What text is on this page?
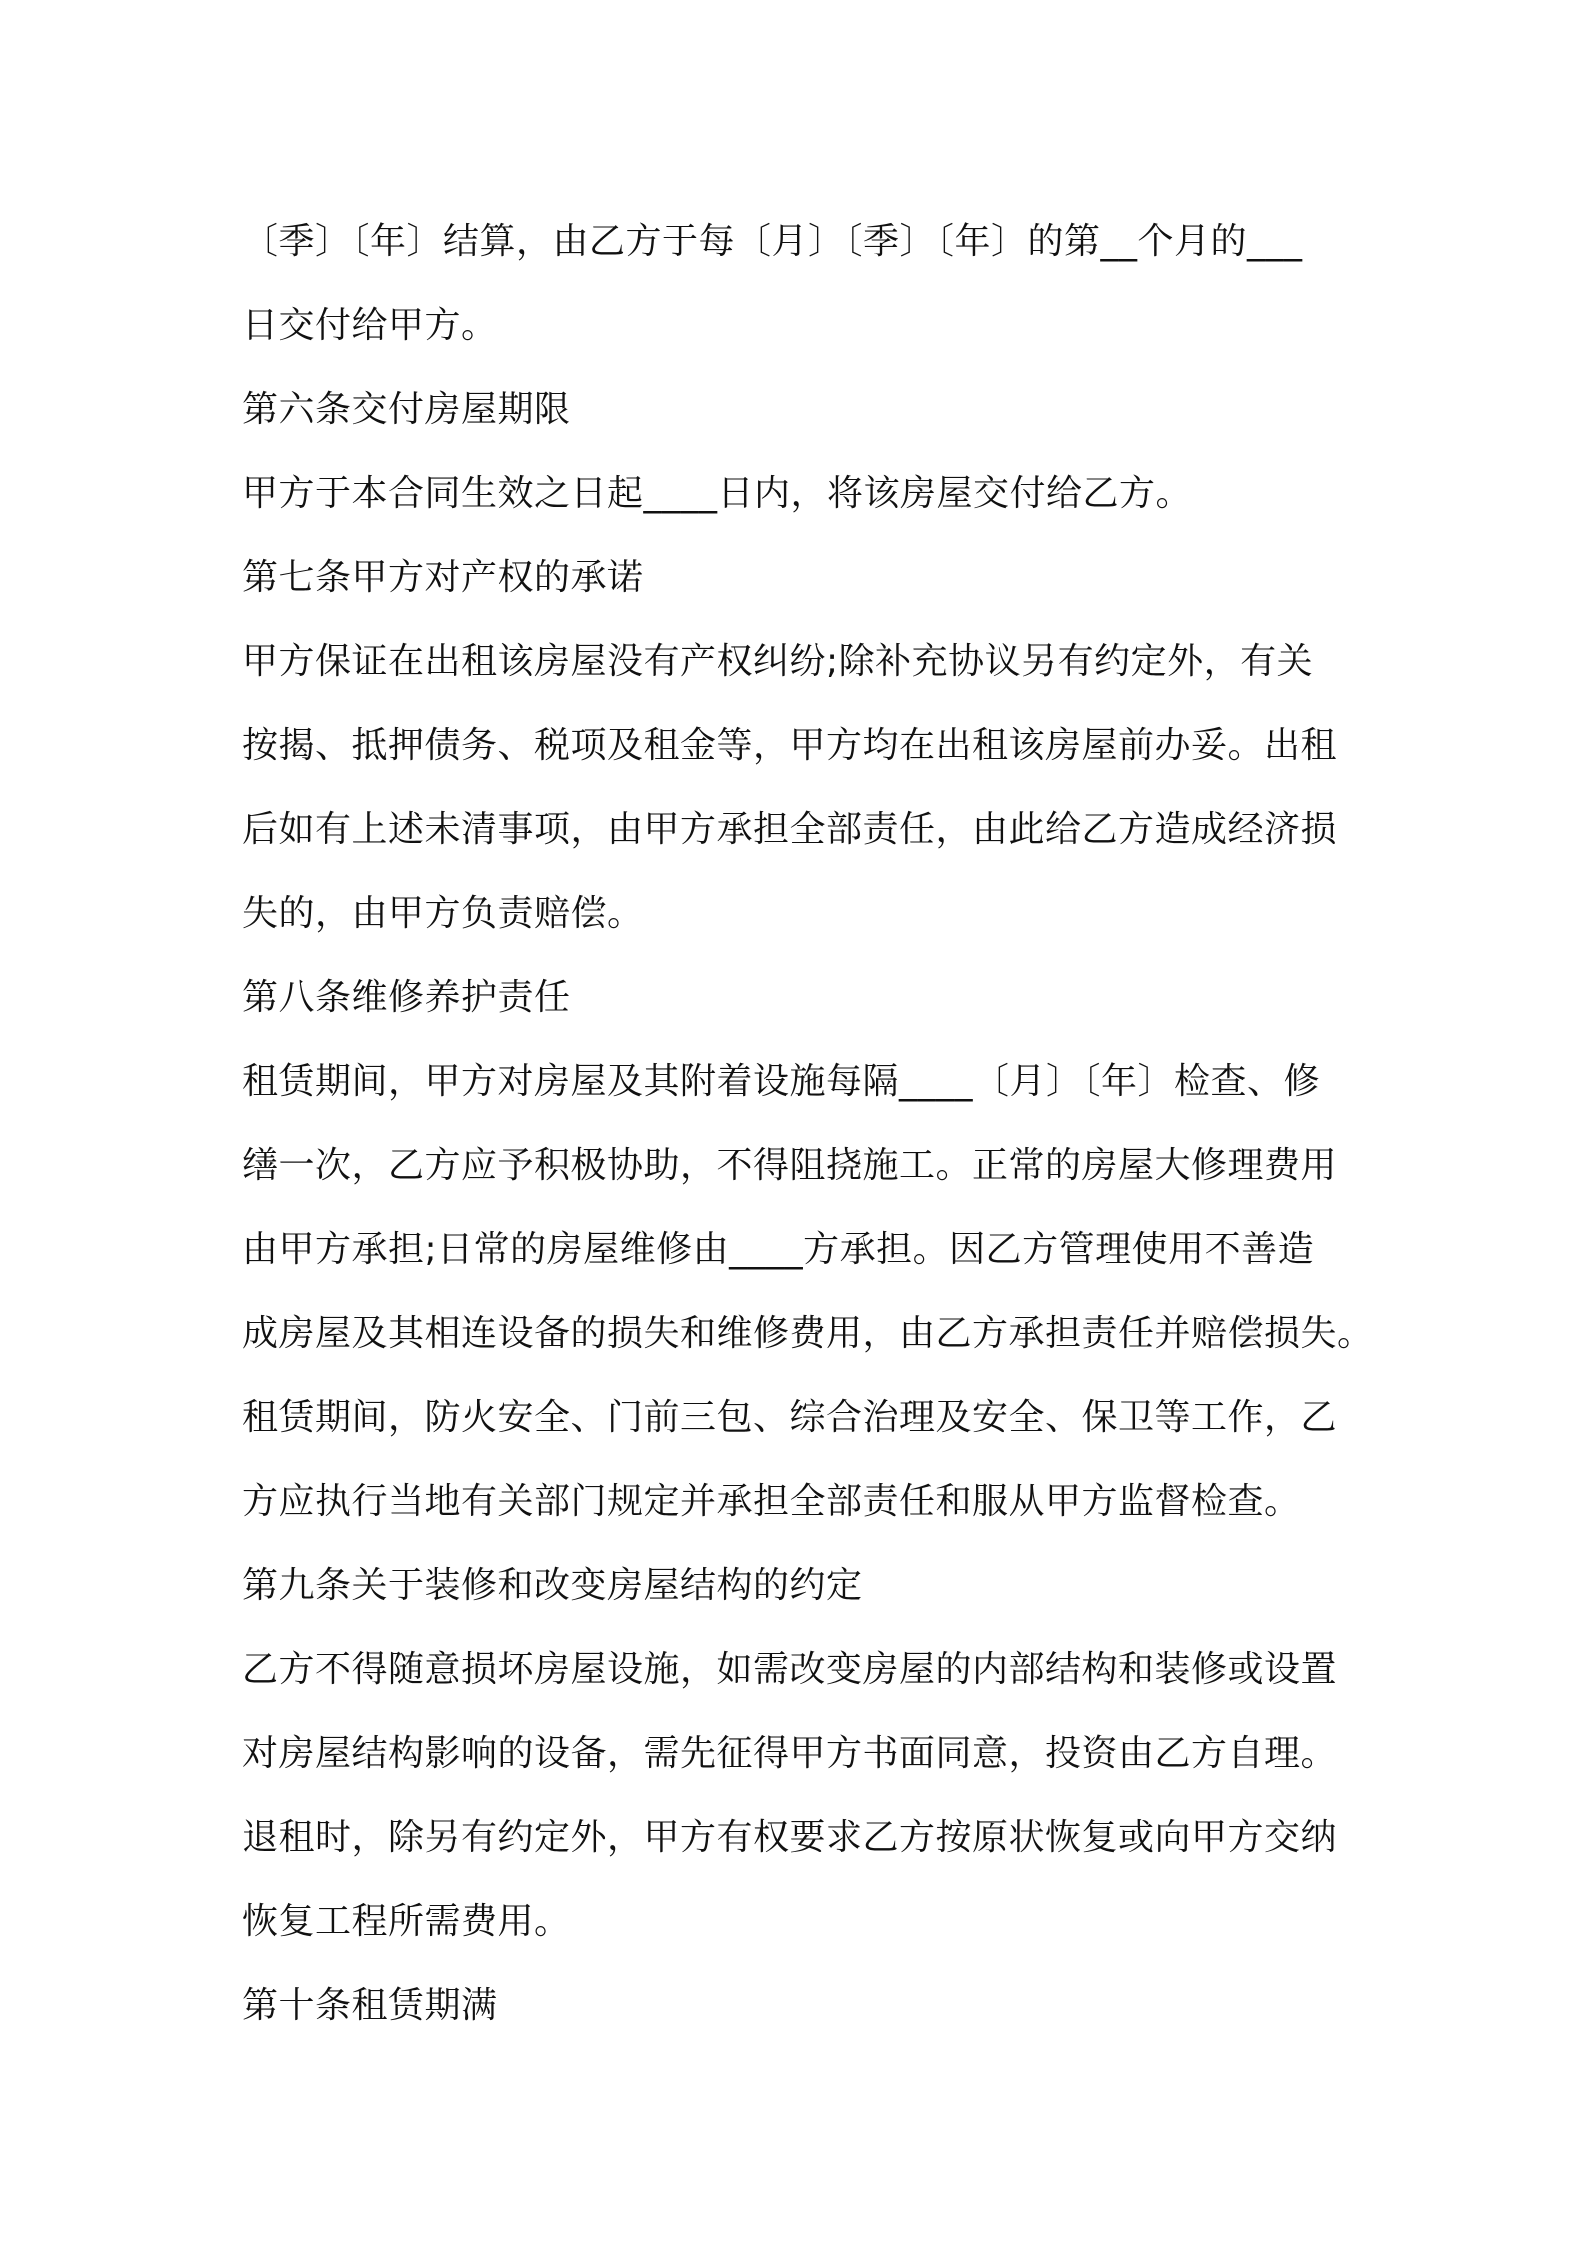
〔季〕〔年〕结算，由乙方于每〔月〕〔季〕〔年〕的第__个月的___
日交付给甲方。
第六条交付房屋期限
甲方于本合同生效之日起____日内，将该房屋交付给乙方。
第七条甲方对产权的承诺
甲方保证在出租该房屋没有产权纠纷;除补充协议另有约定外，有关
按揭、抵押债务、税项及租金等，甲方均在出租该房屋前办妥。出租
后如有上述未清事项，由甲方承担全部责任，由此给乙方造成经济损
失的，由甲方负责赔偿。
第八条维修养护责任
租赁期间，甲方对房屋及其附着设施每隔____〔月〕〔年〕检查、修
缮一次，乙方应予积极协助，不得阻挠施工。正常的房屋大修理费用
由甲方承担;日常的房屋维修由____方承担。因乙方管理使用不善造
成房屋及其相连设备的损失和维修费用，由乙方承担责任并赔偿损失。
租赁期间，防火安全、门前三包、综合治理及安全、保卫等工作，乙
方应执行当地有关部门规定并承担全部责任和服从甲方监督检查。
第九条关于装修和改变房屋结构的约定
乙方不得随意损坏房屋设施，如需改变房屋的内部结构和装修或设置
对房屋结构影响的设备，需先征得甲方书面同意，投资由乙方自理。
退租时，除另有约定外，甲方有权要求乙方按原状恢复或向甲方交纳
恢复工程所需费用。
第十条租赁期满
